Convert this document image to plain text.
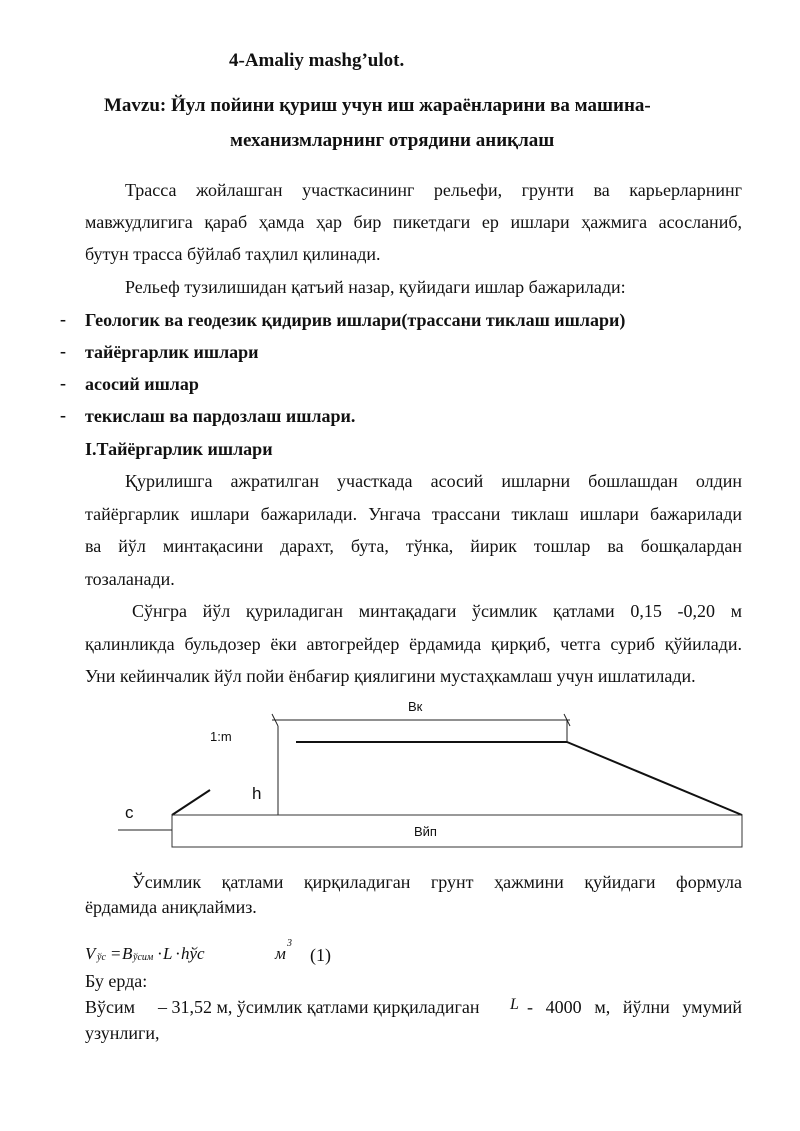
4-Amaliy mashg’ulot.
Mavzu: Йул пойини қуриш учун иш жараёнларини ва машина-
механизмларнинг отрядини аниқлаш
Трасса жойлашган участкасининг рельефи, грунти ва карьерларнинг
мавжудлигига қараб ҳамда ҳар бир пикетдаги ер ишлари ҳажмига асосланиб,
бутун трасса бўйлаб таҳлил қилинади.
Рельеф тузилишидан қатъий назар, қуйидаги ишлар бажарилади:
- Геологик ва геодезик қидирив ишлари(трассани тиклаш ишлари)
- тайёргарлик ишлари
- асосий ишлар
- текислаш ва пардозлаш ишлари.
I.Тайёргарлик ишлари
Қурилишга ажратилган участкада асосий ишларни бошлашдан олдин
тайёргарлик ишлари бажарилади. Унгача трассани тиклаш ишлари бажарилади
ва йўл минтақасини дарахт, бута, тўнка, йирик тошлар ва бошқалардан
тозаланади.
Сўнгра йўл қуриладиган минтақадаги ўсимлик қатлами 0,15 -0,20 м
қалинликда бульдозер ёки автогрейдер ёрдамида қирқиб, четга суриб қўйилади.
Уни кейинчалик йўл пойи ёнбағир қиялигини мустаҳкамлаш учун ишлатилади.
Вк
1:m
h
c
Вйп
Ўсимлик қатлами қирқиладиган грунт ҳажмини қуйидаги формула
ёрдамида аниқлаймиз.
V ўс = B ўсим · L · hўс	м
3
(1)
Бу ерда:
Вўсим – 31,52 м, ўсимлик қатлами қирқиладиган L - 4000 м, йўлни умумий
узунлиги,
